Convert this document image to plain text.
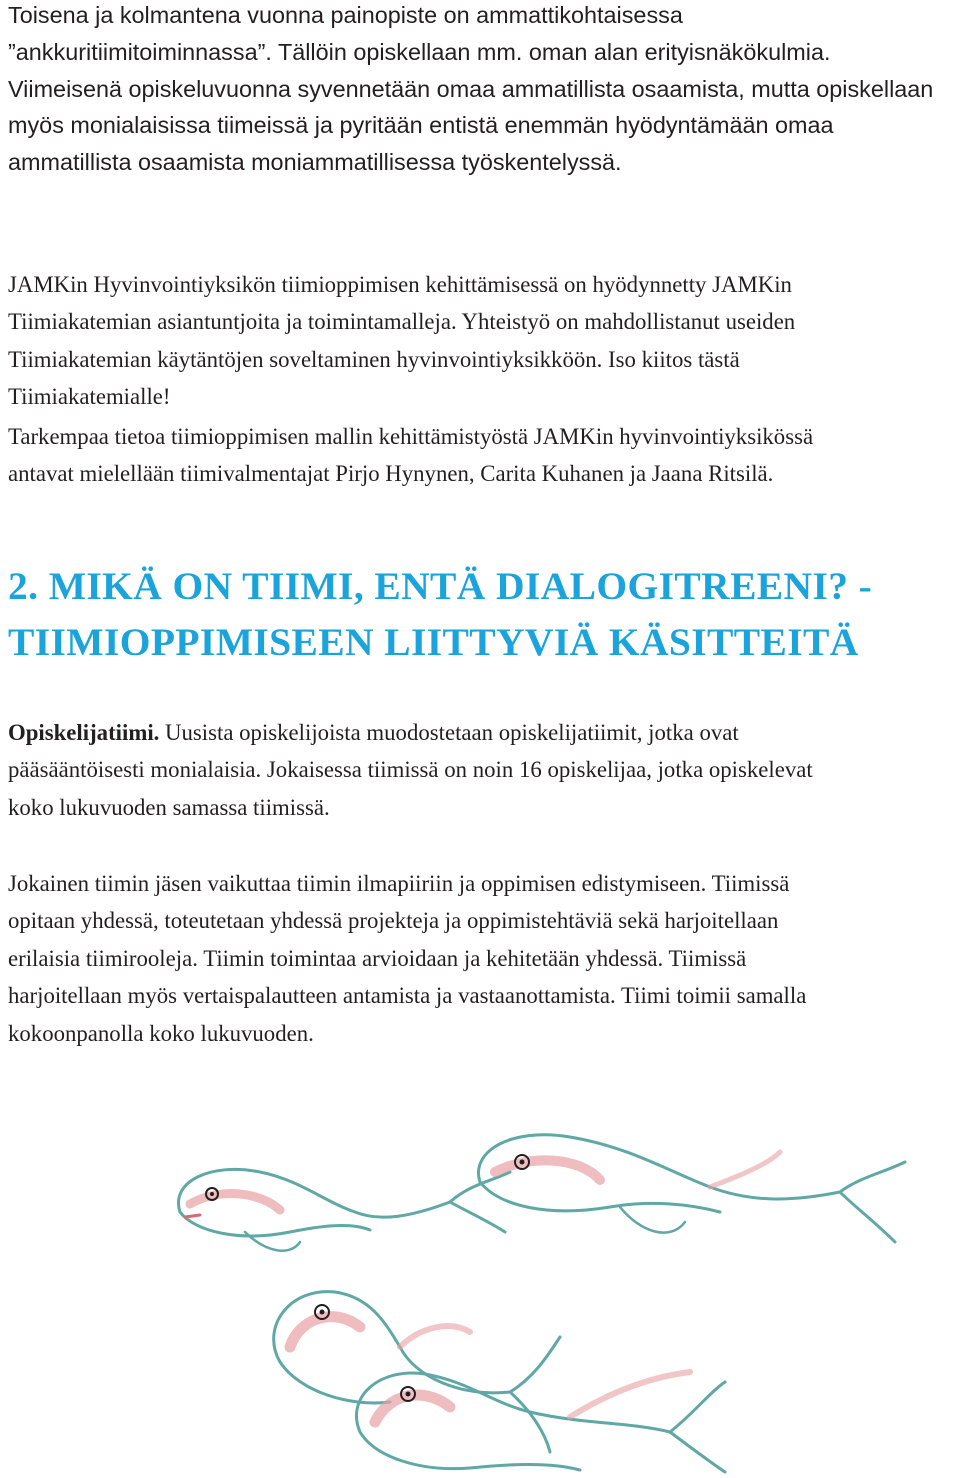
Toisena ja kolmantena vuonna painopiste on ammattikohtaisessa
”ankkuritiimitoiminnassa”. Tällöin opiskellaan mm. oman alan erityisnäkökulmia.
Viimeisenä opiskeluvuonna syvennetään omaa ammatillista osaamista, mutta opiskellaan
myös monialaisissa tiimeissä ja pyritään entistä enemmän hyödyntämään omaa
ammatillista osaamista moniammatillisessa työskentelyssä.

JAMKin Hyvinvointiyksikön tiimioppimisen kehittämisessä on hyödynnetty JAMKin
Tiimiakatemian asiantuntjoita ja toimintamalleja. Yhteistyö on mahdollistanut useiden
Tiimiakatemian käytäntöjen soveltaminen hyvinvointiyksikköön. Iso kiitos tästä
Tiimiakatemialle!

Tarkempaa tietoa tiimioppimisen mallin kehittämistyöstä JAMKin hyvinvointiyksikössä
antavat mielellään tiimivalmentajat Pirjo Hynynen, Carita Kuhanen ja Jaana Ritsilä.

2. MIKÄ ON TIIMI, ENTÄ DIALOGITREENI? -
TIIMIOPPIMISEEN LIITTYVIÄ KÄSITTEITÄ

Opiskelijatiimi. Uusista opiskelijoista muodostetaan opiskelijatiimit, jotka ovat
pääsääntöisesti monialaisia. Jokaisessa tiimissä on noin 16 opiskelijaa, jotka opiskelevat
koko lukuvuoden samassa tiimissä.

Jokainen tiimin jäsen vaikuttaa tiimin ilmapiiriin ja oppimisen edistymiseen. Tiimissä
opitaan yhdessä, toteutetaan yhdessä projekteja ja oppimistehtäviä sekä harjoitellaan
erilaisia tiimirooleja. Tiimin toimintaa arvioidaan ja kehitetään yhdessä. Tiimissä
harjoitellaan myös vertaispalautteen antamista ja vastaanottamista. Tiimi toimii samalla
kokoonpanolla koko lukuvuoden.
